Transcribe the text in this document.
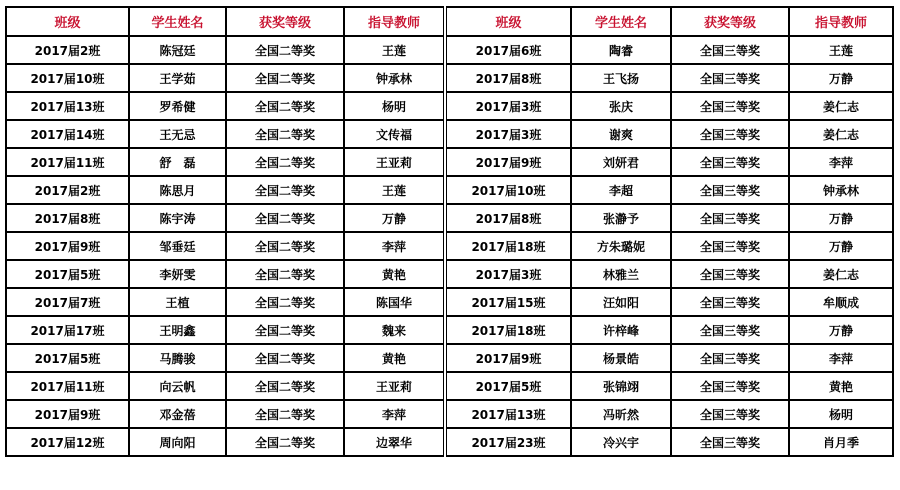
班级	学生姓名	获奖等级	指导教师	班级	学生姓名	获奖等级	指导教师
2017届2班	陈冠廷	全国二等奖	王莲	2017届6班	陶睿	全国三等奖	王莲
2017届10班	王学茹	全国二等奖	钟承林	2017届8班	王飞扬	全国三等奖	万静
2017届13班	罗希健	全国二等奖	杨明	2017届3班	张庆	全国三等奖	姜仁志
2017届14班	王无忌	全国二等奖	文传福	2017届3班	谢爽	全国三等奖	姜仁志
2017届11班	舒　磊	全国二等奖	王亚莉	2017届9班	刘妍君	全国三等奖	李萍
2017届2班	陈思月	全国二等奖	王莲	2017届10班	李超	全国三等奖	钟承林
2017届8班	陈宇涛	全国二等奖	万静	2017届8班	张瀞予	全国三等奖	万静
2017届9班	邹垂廷	全国二等奖	李萍	2017届18班	方朱璐妮	全国三等奖	万静
2017届5班	李妍雯	全国二等奖	黄艳	2017届3班	林雅兰	全国三等奖	姜仁志
2017届7班	王植	全国二等奖	陈国华	2017届15班	汪如阳	全国三等奖	牟顺成
2017届17班	王明鑫	全国二等奖	魏来	2017届18班	许梓峰	全国三等奖	万静
2017届5班	马腾骏	全国二等奖	黄艳	2017届9班	杨景皓	全国三等奖	李萍
2017届11班	向云帆	全国二等奖	王亚莉	2017届5班	张锦翊	全国三等奖	黄艳
2017届9班	邓金蓓	全国二等奖	李萍	2017届13班	冯昕然	全国三等奖	杨明
2017届12班	周向阳	全国二等奖	边翠华	2017届23班	冷兴宇	全国三等奖	肖月季
